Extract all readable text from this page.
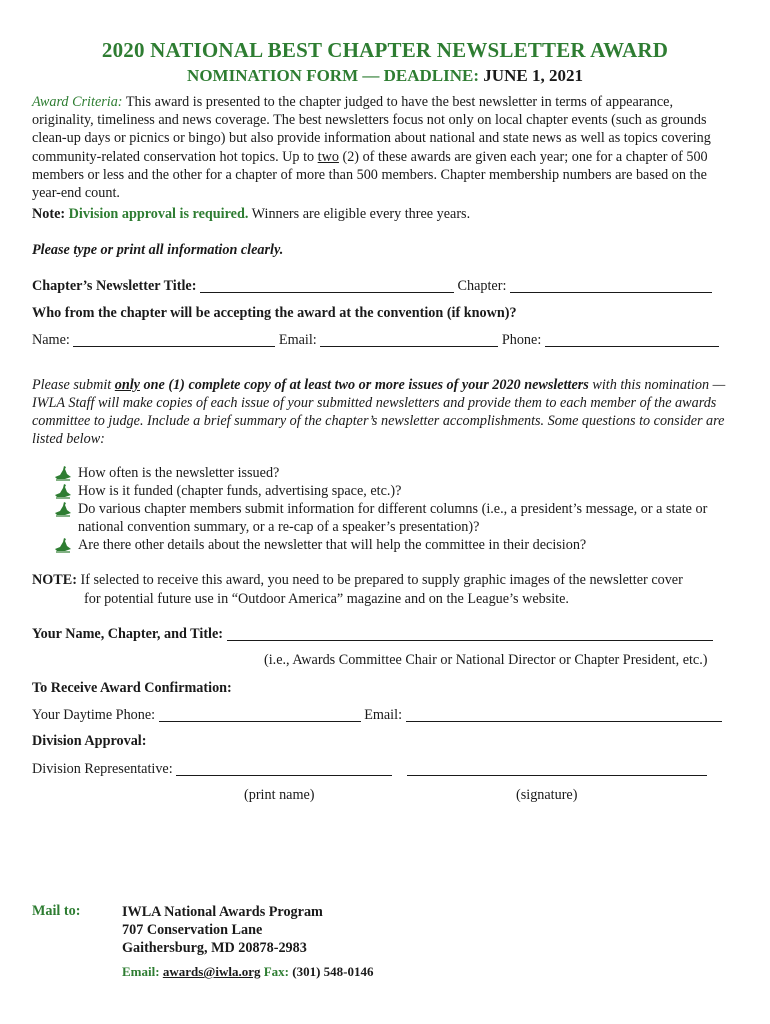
2020 NATIONAL BEST CHAPTER NEWSLETTER AWARD
NOMINATION FORM — DEADLINE: JUNE 1, 2021
Award Criteria: This award is presented to the chapter judged to have the best newsletter in terms of appearance, originality, timeliness and news coverage. The best newsletters focus not only on local chapter events (such as grounds clean-up days or picnics or bingo) but also provide information about national and state news as well as topics covering community-related conservation hot topics. Up to two (2) of these awards are given each year; one for a chapter of 500 members or less and the other for a chapter of more than 500 members. Chapter membership numbers are based on the year-end count.
Note: Division approval is required. Winners are eligible every three years.
Please type or print all information clearly.
Chapter’s Newsletter Title:	Chapter:
Who from the chapter will be accepting the award at the convention (if known)?
Name:	Email:	Phone:
Please submit only one (1) complete copy of at least two or more issues of your 2020 newsletters with this nomination — IWLA Staff will make copies of each issue of your submitted newsletters and provide them to each member of the awards committee to judge. Include a brief summary of the chapter’s newsletter accomplishments. Some questions to consider are listed below:
How often is the newsletter issued?
How is it funded (chapter funds, advertising space, etc.)?
Do various chapter members submit information for different columns (i.e., a president’s message, or a state or national convention summary, or a re-cap of a speaker’s presentation)?
Are there other details about the newsletter that will help the committee in their decision?
NOTE: If selected to receive this award, you need to be prepared to supply graphic images of the newsletter cover
for potential future use in “Outdoor America” magazine and on the League’s website.
Your Name, Chapter, and Title:
(i.e., Awards Committee Chair or National Director or Chapter President, etc.)
To Receive Award Confirmation:
Your Daytime Phone:	Email:
Division Approval:
Division Representative:
(print name)	(signature)
Mail to:	IWLA National Awards Program
707 Conservation Lane
Gaithersburg, MD 20878-2983
Email: awards@iwla.org Fax: (301) 548-0146
